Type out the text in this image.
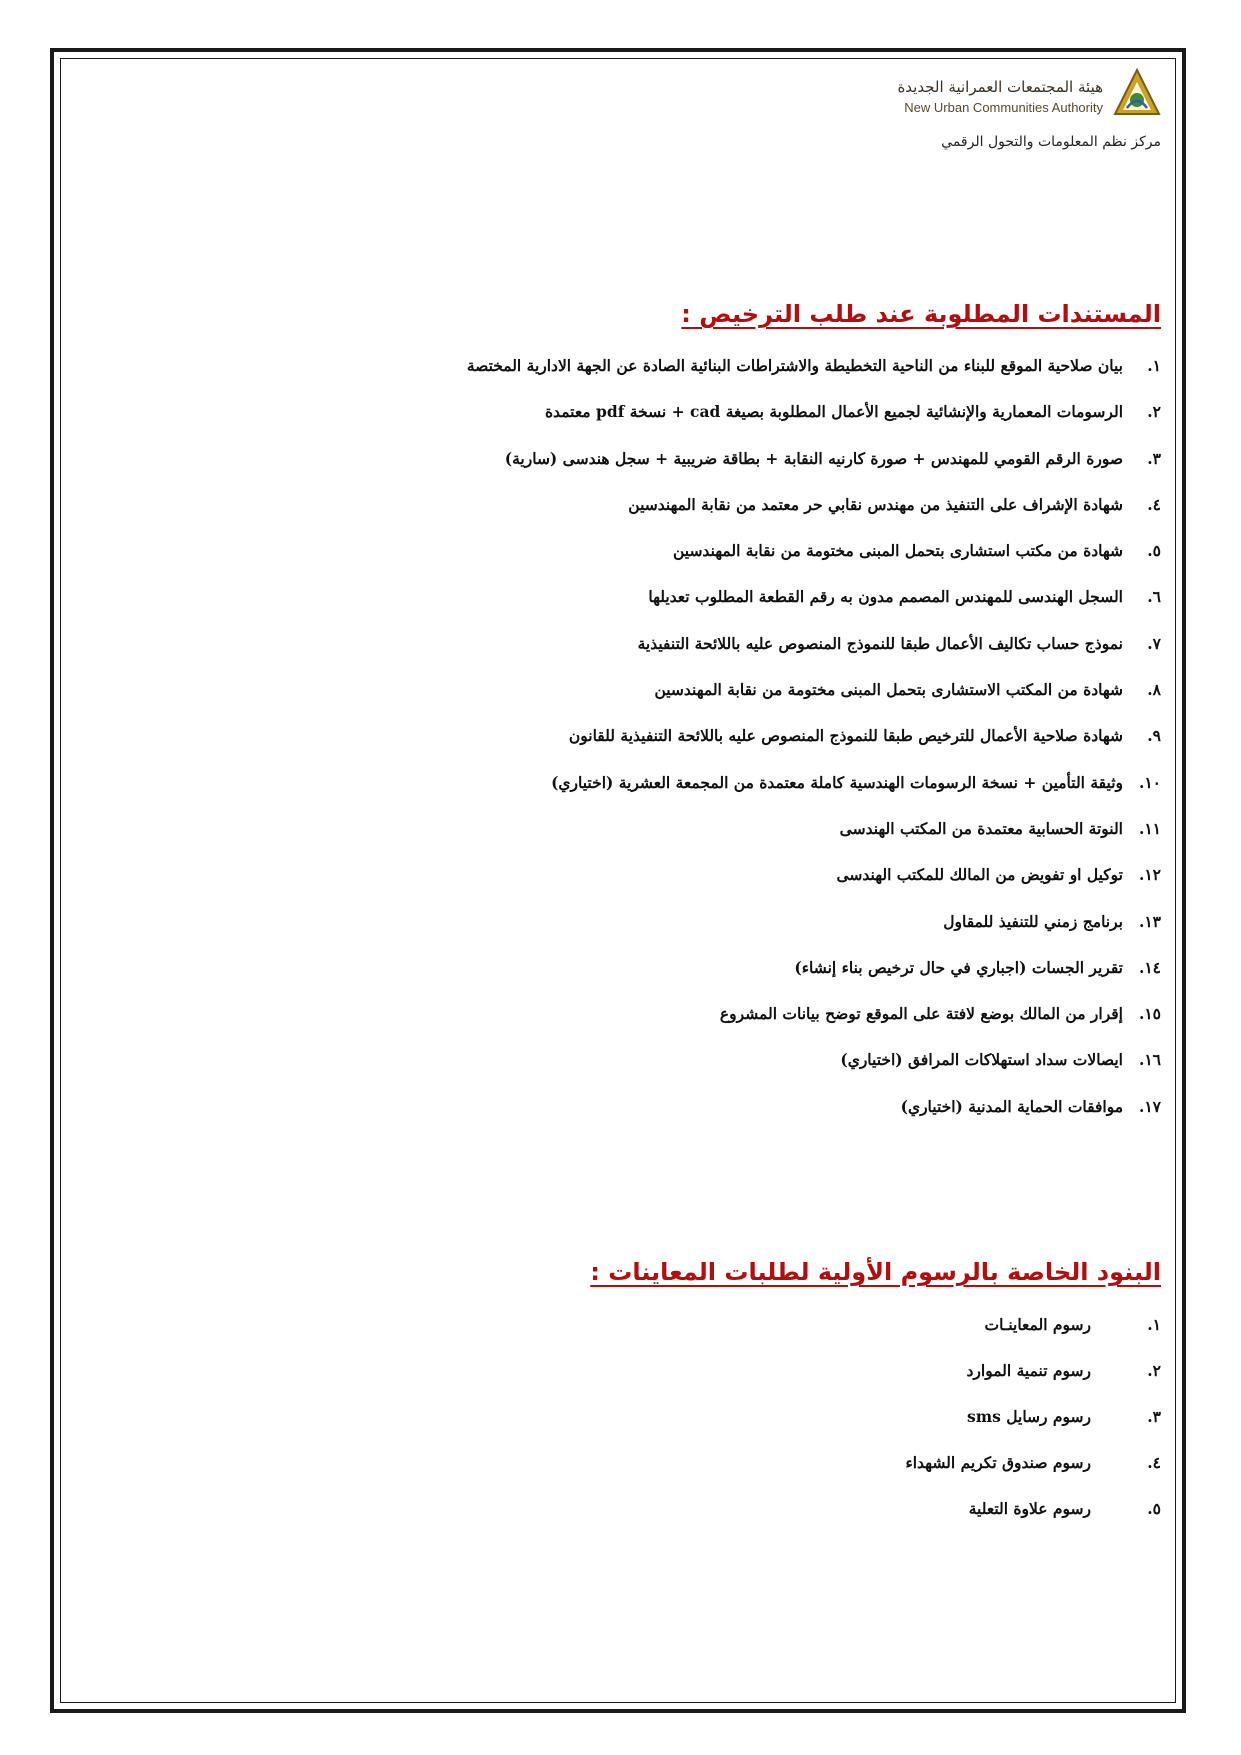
هيئة المجتمعات العمرانية الجديدة
New Urban Communities Authority
مركز نظم المعلومات والتحول الرقمي
المستندات المطلوبة عند طلب الترخيص :
١.بيان صلاحية الموقع للبناء من الناحية التخطيطة والاشتراطات البنائية الصادة عن الجهة الادارية المختصة
٢.الرسومات المعمارية والإنشائية لجميع الأعمال المطلوبة بصيغة cad + نسخة pdf معتمدة
٣.صورة الرقم القومي للمهندس + صورة كارنيه النقابة + بطاقة ضريبية + سجل هندسى (سارية)
٤.شهادة الإشراف على التنفيذ من مهندس نقابي حر معتمد من نقابة المهندسين
٥.شهادة من مكتب استشارى بتحمل المبنى مختومة من نقابة المهندسين
٦.السجل الهندسى للمهندس المصمم مدون به رقم القطعة المطلوب تعديلها
٧.نموذج حساب تكاليف الأعمال طبقا للنموذج المنصوص عليه باللائحة التنفيذية
٨.شهادة من المكتب الاستشارى بتحمل المبنى مختومة من نقابة المهندسين
٩.شهادة صلاحية الأعمال للترخيص طبقا للنموذج المنصوص عليه باللائحة التنفيذية للقانون
١٠.وثيقة التأمين + نسخة الرسومات الهندسية كاملة معتمدة من المجمعة العشرية (اختياري)
١١.النوتة الحسابية معتمدة من المكتب الهندسى
١٢.توكيل او تفويض من المالك للمكتب الهندسى
١٣.برنامج زمني للتنفيذ للمقاول
١٤.تقرير الجسات (اجباري في حال ترخيص بناء إنشاء)
١٥.إقرار من المالك بوضع لافتة على الموقع توضح بيانات المشروع
١٦.ايصالات سداد استهلاكات المرافق (اختياري)
١٧.موافقات الحماية المدنية (اختياري)
البنود الخاصة بالرسوم الأولية لطلبات المعاينات :
١.رسوم المعاينـات
٢.رسوم تنمية الموارد
٣.رسوم رسايل sms
٤.رسوم صندوق تكريم الشهداء
٥.رسوم علاوة التعلية
